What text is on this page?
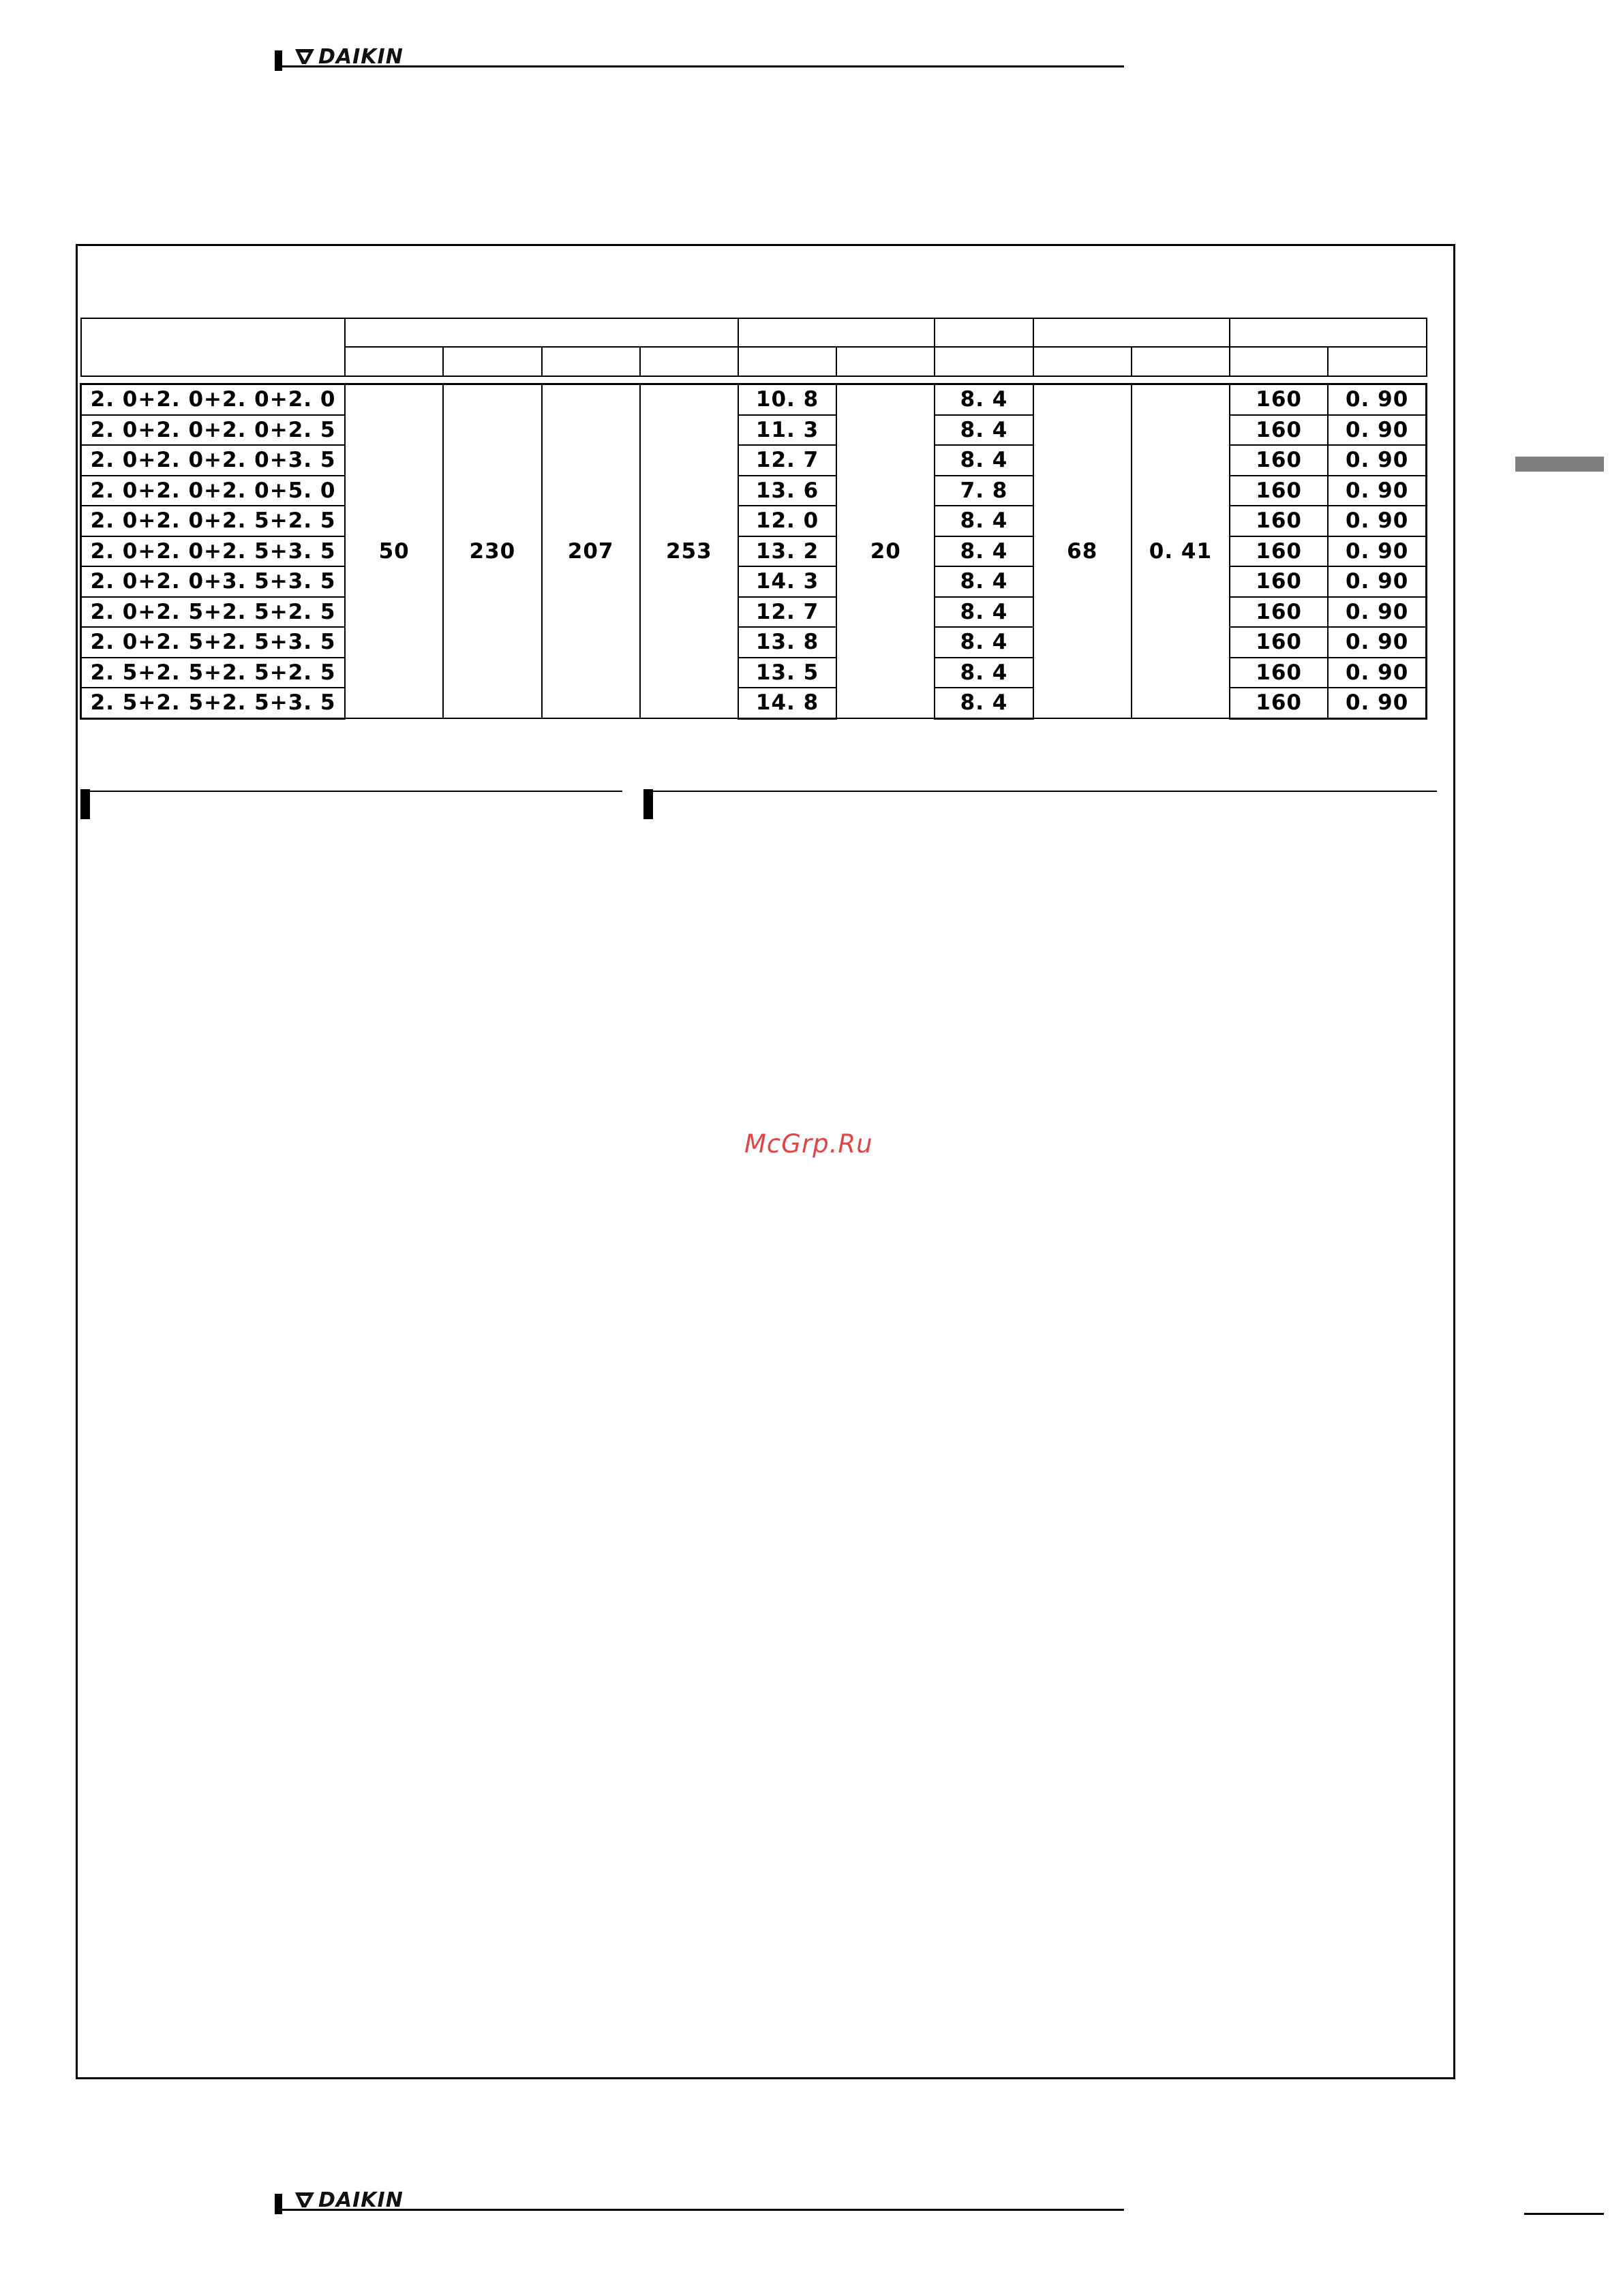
DAIKIN

2. 0+2. 0+2. 0+2. 0	50	230	207	253	10. 8	20	8. 4	68	0. 41	160	0. 90
2. 0+2. 0+2. 0+2. 5					11. 3		8. 4			160	0. 90
2. 0+2. 0+2. 0+3. 5					12. 7		8. 4			160	0. 90
2. 0+2. 0+2. 0+5. 0					13. 6		7. 8			160	0. 90
2. 0+2. 0+2. 5+2. 5					12. 0		8. 4			160	0. 90
2. 0+2. 0+2. 5+3. 5					13. 2		8. 4			160	0. 90
2. 0+2. 0+3. 5+3. 5					14. 3		8. 4			160	0. 90
2. 0+2. 5+2. 5+2. 5					12. 7		8. 4			160	0. 90
2. 0+2. 5+2. 5+3. 5					13. 8		8. 4			160	0. 90
2. 5+2. 5+2. 5+2. 5					13. 5		8. 4			160	0. 90
2. 5+2. 5+2. 5+3. 5					14. 8		8. 4			160	0. 90
McGrp.Ru
DAIKIN
